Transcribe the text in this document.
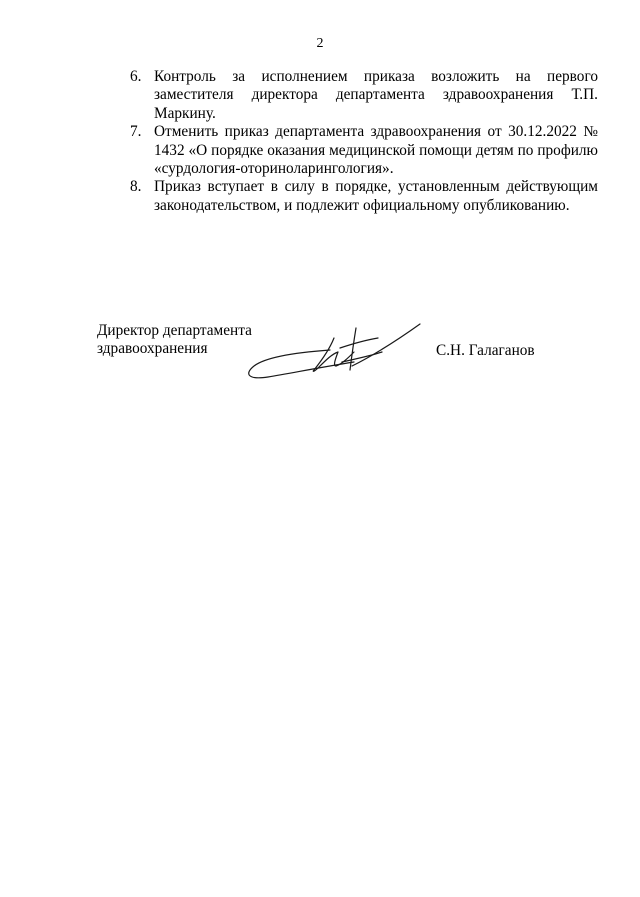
2
6. Контроль за исполнением приказа возложить на первого заместителя директора департамента здравоохранения Т.П. Маркину.
7. Отменить приказ департамента здравоохранения от 30.12.2022 № 1432 «О порядке оказания медицинской помощи детям по профилю «сурдология-оториноларингология».
8. Приказ вступает в силу в порядке, установленным действующим законодательством, и подлежит официальному опубликованию.
Директор департамента
здравоохранения	С.Н. Галаганов
